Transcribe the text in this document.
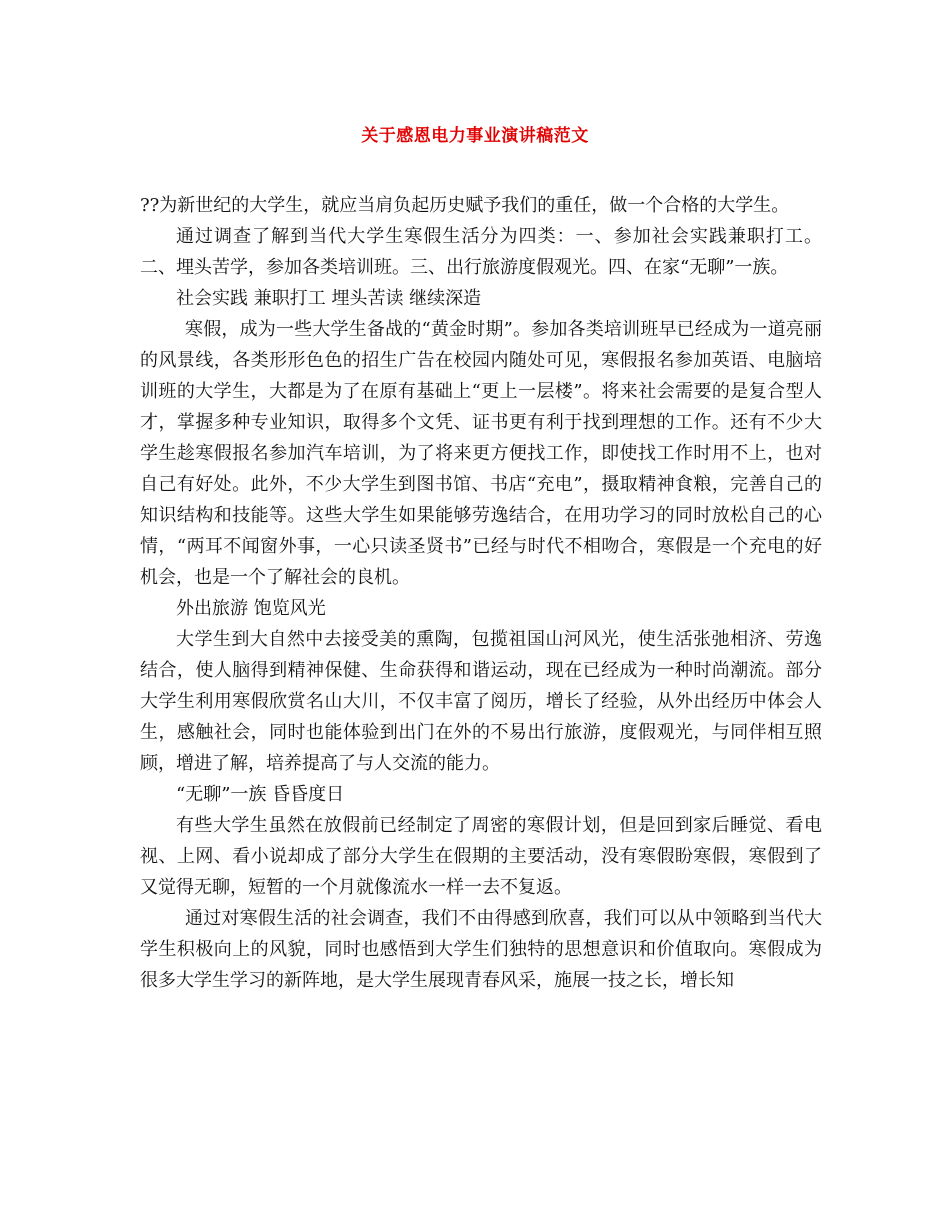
关于感恩电力事业演讲稿范文

??为新世纪的大学生，就应当肩负起历史赋予我们的重任，做一个合格的大学生。

通过调查了解到当代大学生寒假生活分为四类：一、参加社会实践兼职打工。二、埋头苦学，参加各类培训班。三、出行旅游度假观光。四、在家“无聊”一族。

社会实践 兼职打工 埋头苦读 继续深造

寒假，成为一些大学生备战的“黄金时期”。参加各类培训班早已经成为一道亮丽的风景线，各类形形色色的招生广告在校园内随处可见，寒假报名参加英语、电脑培训班的大学生，大都是为了在原有基础上“更上一层楼”。将来社会需要的是复合型人才，掌握多种专业知识，取得多个文凭、证书更有利于找到理想的工作。还有不少大学生趁寒假报名参加汽车培训，为了将来更方便找工作，即使找工作时用不上，也对自己有好处。此外，不少大学生到图书馆、书店“充电”，摄取精神食粮，完善自己的知识结构和技能等。这些大学生如果能够劳逸结合，在用功学习的同时放松自己的心情，“两耳不闻窗外事，一心只读圣贤书”已经与时代不相吻合，寒假是一个充电的好机会，也是一个了解社会的良机。

外出旅游 饱览风光

大学生到大自然中去接受美的熏陶，包揽祖国山河风光，使生活张弛相济、劳逸结合，使人脑得到精神保健、生命获得和谐运动，现在已经成为一种时尚潮流。部分大学生利用寒假欣赏名山大川，不仅丰富了阅历，增长了经验，从外出经历中体会人生，感触社会，同时也能体验到出门在外的不易出行旅游，度假观光，与同伴相互照顾，增进了解，培养提高了与人交流的能力。

“无聊”一族 昏昏度日

有些大学生虽然在放假前已经制定了周密的寒假计划，但是回到家后睡觉、看电视、上网、看小说却成了部分大学生在假期的主要活动，没有寒假盼寒假，寒假到了又觉得无聊，短暂的一个月就像流水一样一去不复返。

通过对寒假生活的社会调查，我们不由得感到欣喜，我们可以从中领略到当代大学生积极向上的风貌，同时也感悟到大学生们独特的思想意识和价值取向。寒假成为很多大学生学习的新阵地，是大学生展现青春风采，施展一技之长，增长知
